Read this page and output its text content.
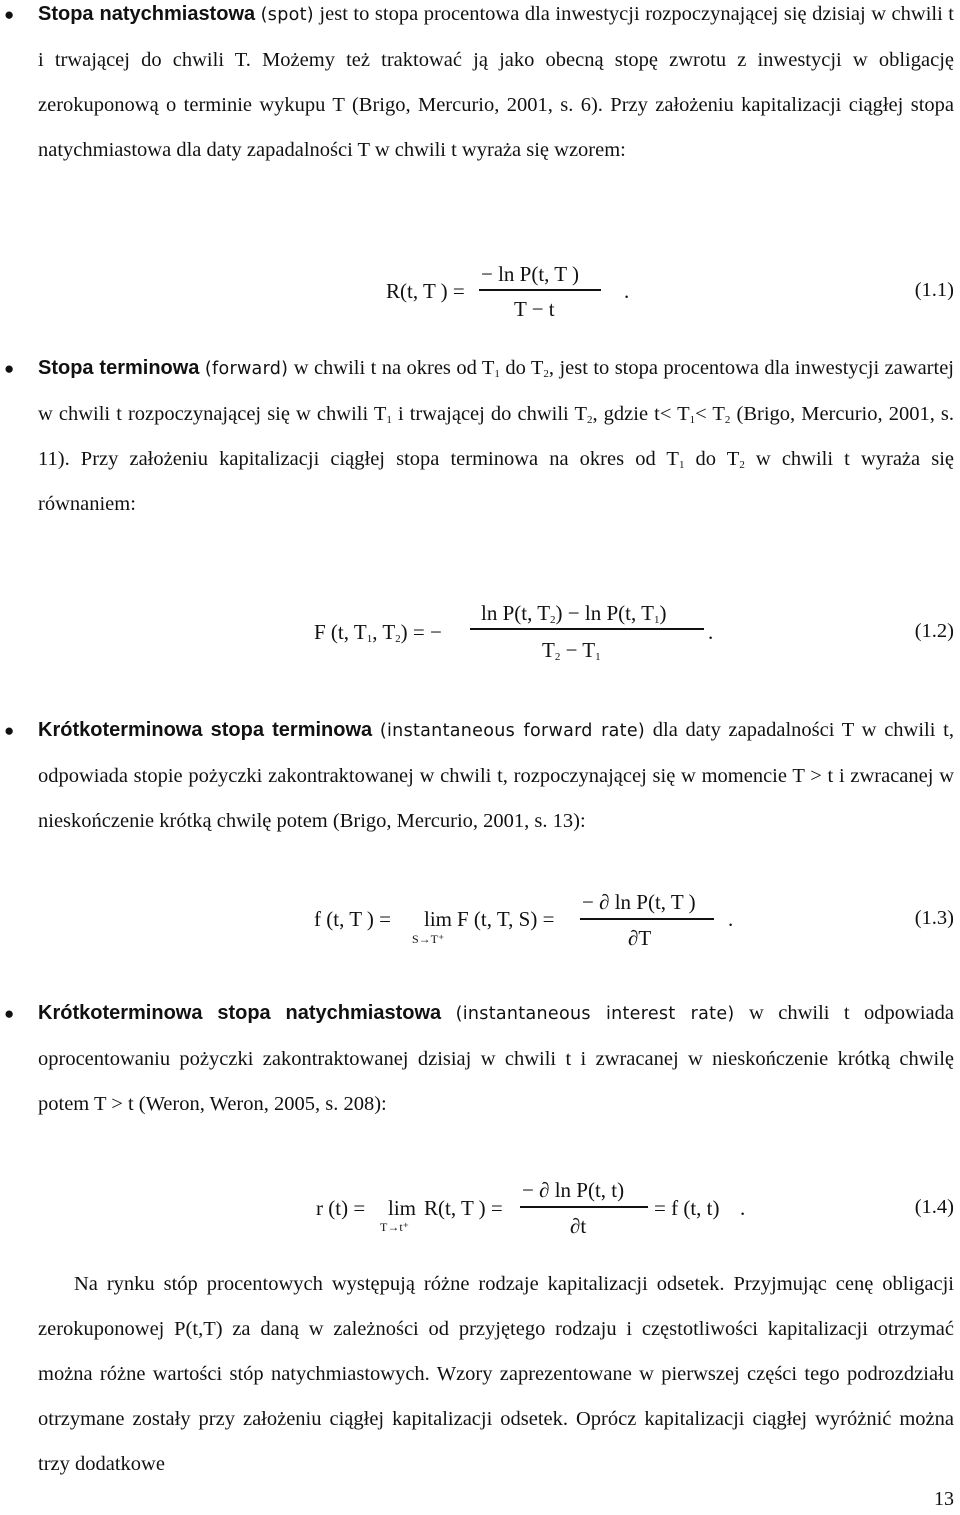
● Stopa natychmiastowa (spot) jest to stopa procentowa dla inwestycji rozpoczynającej się dzisiaj w chwili t i trwającej do chwili T. Możemy też traktować ją jako obecną stopę zwrotu z inwestycji w obligację zerokuponową o terminie wykupu T (Brigo, Mercurio, 2001, s. 6). Przy założeniu kapitalizacji ciągłej stopa natychmiastowa dla daty zapadalności T w chwili t wyraża się wzorem:

R(t, T ) =
− ln P(t, T )
T − t
.	(1.1)
● Stopa terminowa (forward) w chwili t na okres od $T_1$ do $T_2$, jest to stopa procentowa dla inwestycji zawartej w chwili t rozpoczynającej się w chwili $T_1$ i trwającej do chwili $T_2$, gdzie $t< T_1< T_2$ (Brigo, Mercurio, 2001, s. 11). Przy założeniu kapitalizacji ciągłej stopa terminowa na okres od $T_1$ do $T_2$ w chwili t wyraża się równaniem:

F (t, $T_1$, $T_2$) = −
ln P(t, $T_2) - \ln P(t$, $T_1$)
$T_2 - T_1$
.	(1.2)
● Krótkoterminowa stopa terminowa (instantaneous forward rate) dla daty zapadalności T w chwili t, odpowiada stopie pożyczki zakontraktowanej w chwili t, rozpoczynającej się w momencie T > t i zwracanej w nieskończenie krótką chwilę potem (Brigo, Mercurio, 2001, s. 13):

f (t, T ) = lim
S→T⁺
F (t, T, S) =
− ∂ ln P(t, T )
∂T
.	(1.3)
● Krótkoterminowa stopa natychmiastowa (instantaneous interest rate) w chwili t odpowiada oprocentowaniu pożyczki zakontraktowanej dzisiaj w chwili t i zwracanej w nieskończenie krótką chwilę potem T > t (Weron, Weron, 2005, s. 208):

r (t) = lim
T→t⁺
R(t, T ) =
− ∂ ln P(t, t)
∂t
= f (t, t) .	(1.4)

Na rynku stóp procentowych występują różne rodzaje kapitalizacji odsetek. Przyjmując cenę obligacji zerokuponowej P(t,T) za daną w zależności od przyjętego rodzaju i częstotliwości kapitalizacji otrzymać można różne wartości stóp natychmiastowych. Wzory zaprezentowane w pierwszej części tego podrozdziału otrzymane zostały przy założeniu ciągłej kapitalizacji odsetek. Oprócz kapitalizacji ciągłej wyróżnić można trzy dodatkowe

13
